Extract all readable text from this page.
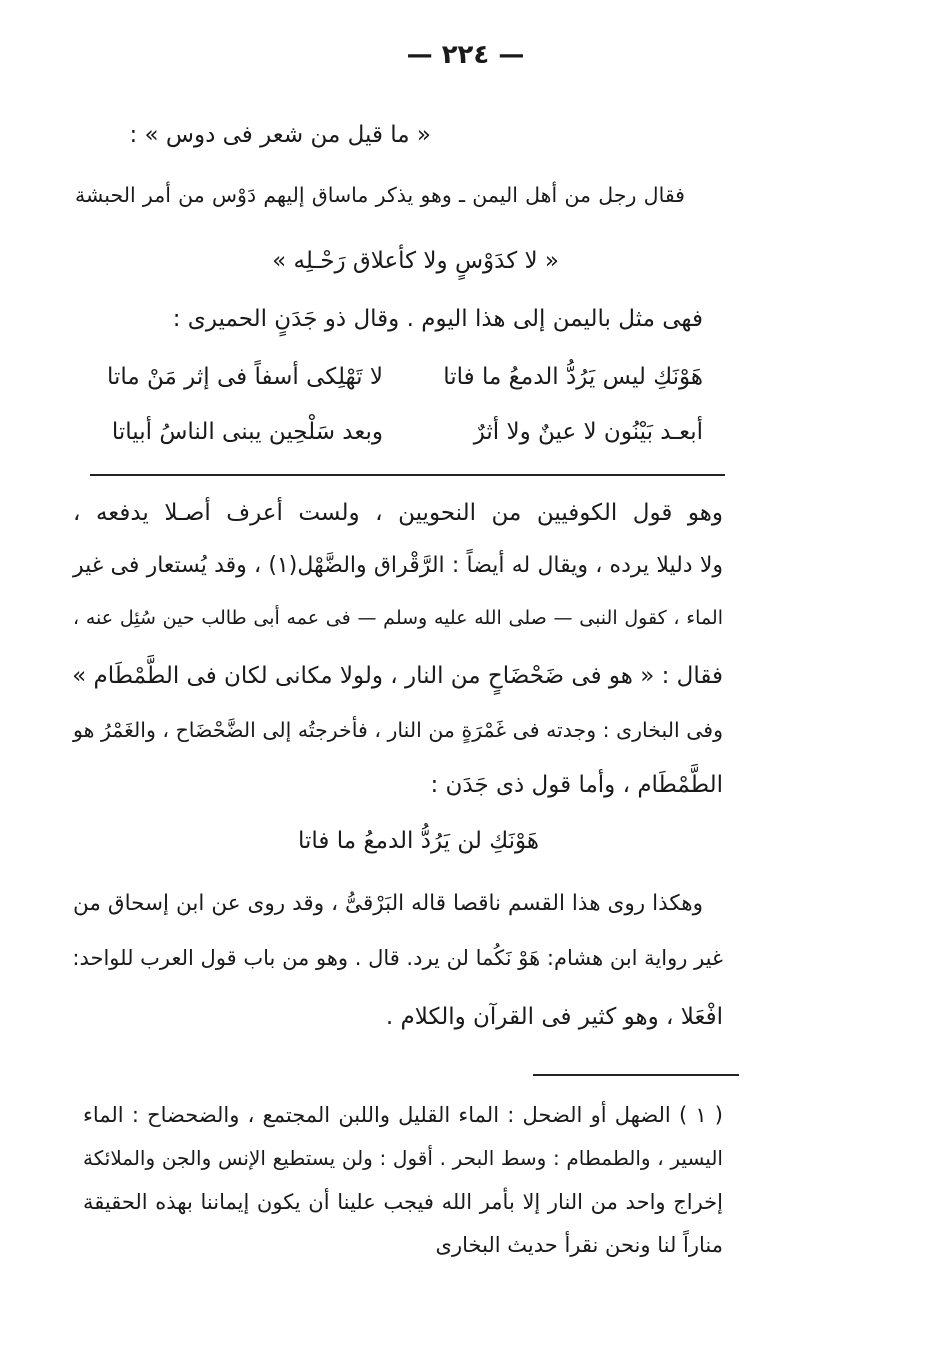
— ٢٢٤ —
« ما قيل من شعر فى دوس » :
فقال رجل من أهل اليمن ـ وهو يذكر ماساق إليهم دَوْس من أمر الحبشة
« لا كدَوْسٍ ولا كأعلاق رَحْـلِه »
فهى مثل باليمن إلى هذا اليوم . وقال ذو جَدَنٍ الحميرى :
هَوْنَكِ ليس يَرُدُّ الدمعُ ما فاتا
لا تَهْلِكى أسفاً فى إثر مَنْ ماتا
أبعـد بَيْنُون لا عينٌ ولا أثرٌ
وبعد سَلْحِين يبنى الناسُ أبياتا
وهو قول الكوفيين من النحويين ، ولست أعرف أصـلا يدفعه ،
ولا دليلا يرده ، ويقال له أيضاً : الرَّقْراق والضَّهْل(١) ، وقد يُستعار فى غير
الماء ، كقول النبى — صلى الله عليه وسلم — فى عمه أبى طالب حين سُئِل عنه ،
فقال : « هو فى ضَحْضَاحٍ من النار ، ولولا مكانى لكان فى الطَّمْطَام »
وفى البخارى : وجدته فى غَمْرَةٍ من النار ، فأخرجتُه إلى الضَّحْضَاح ، والغَمْرُ هو
الطَّمْطَام ، وأما قول ذى جَدَن :
هَوْنَكِ لن يَرُدُّ الدمعُ ما فاتا
وهكذا روى هذا القسم ناقصا قاله البَرْقىُّ ، وقد روى عن ابن إسحاق من
غير رواية ابن هشام: هَوْ نَكُما لن يرد. قال . وهو من باب قول العرب للواحد:
افْعَلا ، وهو كثير فى القرآن والكلام .
( ١ ) الضهل أو الضحل : الماء القليل واللبن المجتمع ، والضحضاح : الماء
اليسير ، والطمطام : وسط البحر . أقول : ولن يستطيع الإنس والجن والملائكة
إخراج واحد من النار إلا بأمر الله فيجب علينا أن يكون إيماننا بهذه الحقيقة
مناراً لنا ونحن نقرأ حديث البخارى
